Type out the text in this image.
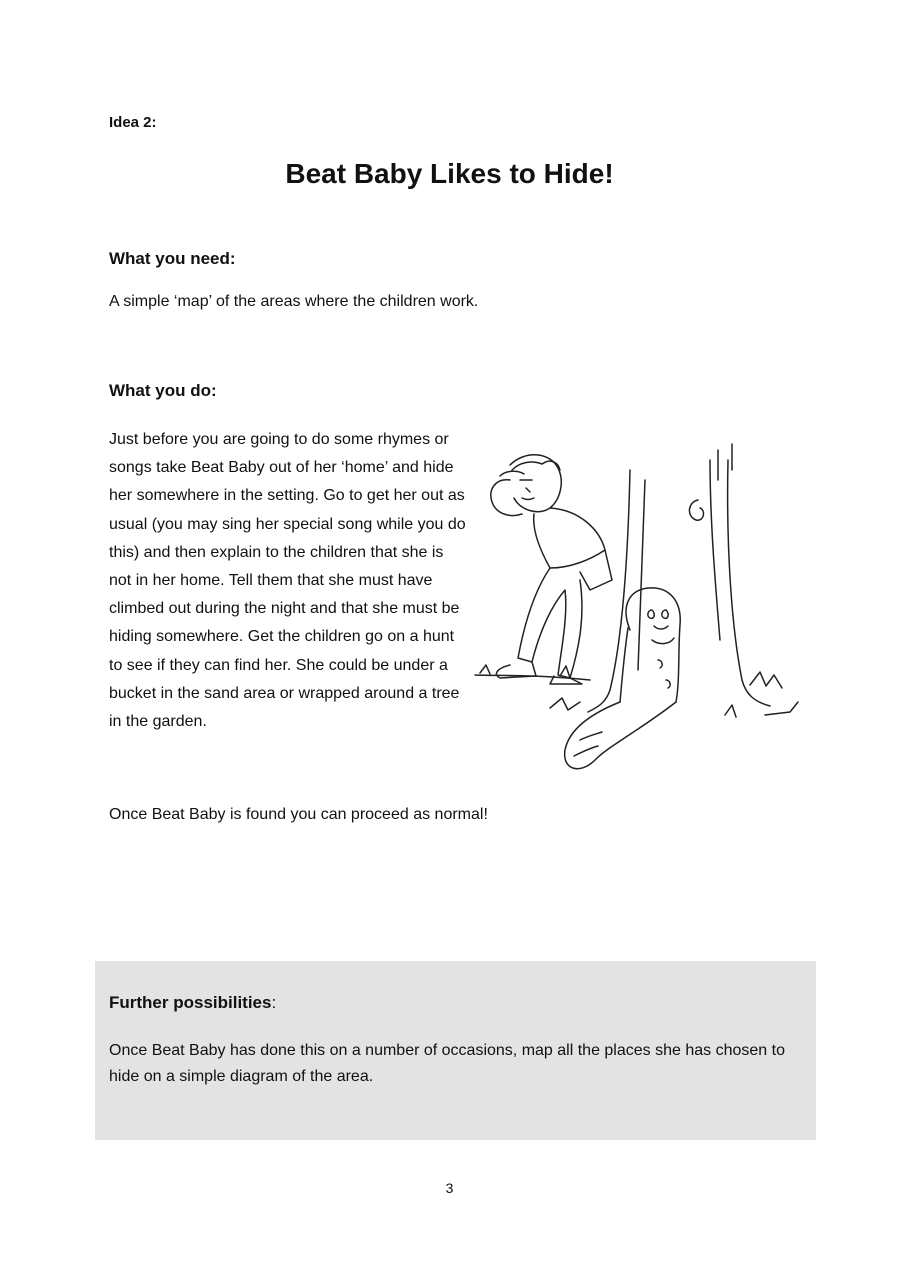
Idea 2:
Beat Baby Likes to Hide!
What you need:
A simple ‘map’ of the areas where the children work.
What you do:
Just before you are going to do some rhymes or songs take Beat Baby out of her ‘home’ and hide her somewhere in the setting. Go to get her out as usual (you may sing her special song while you do this) and then explain to the children that she is not in her home. Tell them that she must have climbed out during the night and that she must be hiding somewhere. Get the children go on a hunt to see if they can find her. She could be under a bucket in the sand area or wrapped around a tree in the garden.
Once Beat Baby is found you can proceed as normal!
Further possibilities:
Once Beat Baby has done this on a number of occasions, map all the places she has chosen to hide on a simple diagram of the area.
3
